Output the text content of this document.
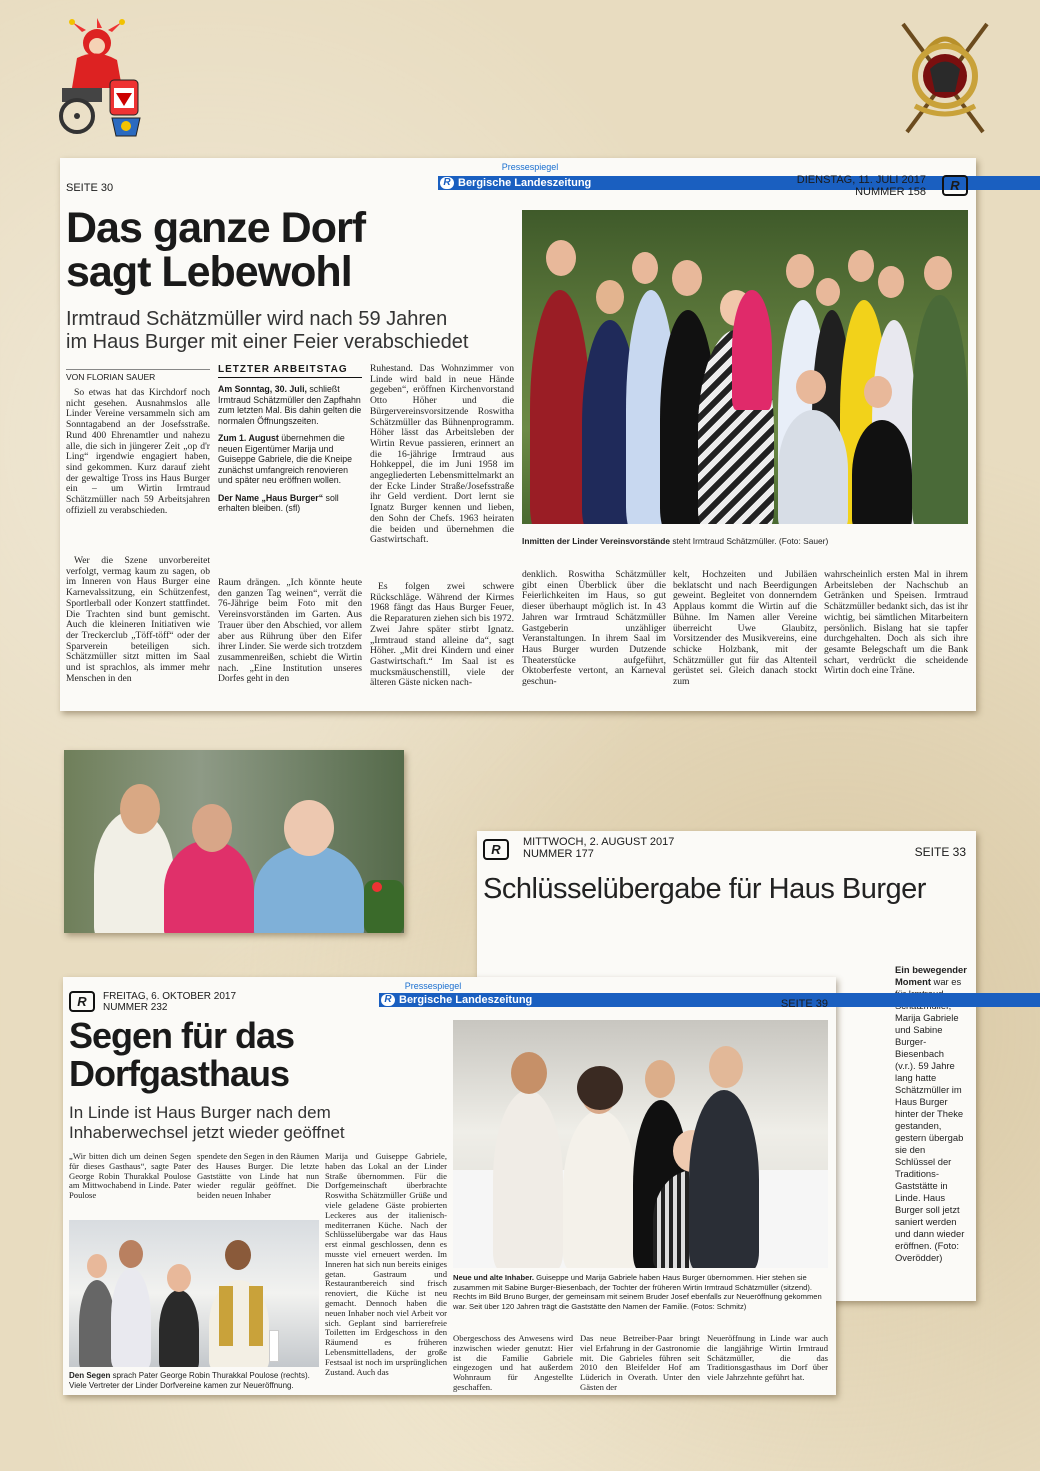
Pressespiegel
R Bergische Landeszeitung
SEITE 30
DIENSTAG, 11. JULI 2017
NUMMER 158	R
Das ganze Dorf
sagt Lebewohl
Irmtraud Schätzmüller wird nach 59 Jahren
im Haus Burger mit einer Feier verabschiedet
VON FLORIAN SAUER
So etwas hat das Kirchdorf noch nicht gesehen. Ausnahmslos alle Linder Vereine versammeln sich am Sonntagabend an der Josefsstraße. Rund 400 Ehrenamtler und nahezu alle, die sich in jüngerer Zeit „op d'r Ling“ irgendwie engagiert haben, sind gekommen. Kurz darauf zieht der gewaltige Tross ins Haus Burger ein – um Wirtin Irmtraud Schätzmüller nach 59 Arbeitsjahren offiziell zu verabschieden.
Wer die Szene unvorbereitet verfolgt, vermag kaum zu sagen, ob im Inneren von Haus Burger eine Karnevalssitzung, ein Schützenfest, Sportlerball oder Konzert stattfindet. Die Trachten sind bunt gemischt. Auch die kleineren Initiativen wie der Treckerclub „Töff-töff“ oder der Sparverein beteiligen sich. Schätzmüller sitzt mitten im Saal und ist sprachlos, als immer mehr Menschen in den
LETZTER ARBEITSTAG
Am Sonntag, 30. Juli, schließt Irmtraud Schätzmüller den Zapfhahn zum letzten Mal. Bis dahin gelten die normalen Öffnungszeiten.
Zum 1. August übernehmen die neuen Eigentümer Marija und Guiseppe Gabriele, die die Kneipe zunächst umfangreich renovieren und später neu eröffnen wollen.
Der Name „Haus Burger“ soll erhalten bleiben. (sfl)
Raum drängen. „Ich könnte heute den ganzen Tag weinen“, verrät die 76-Jährige beim Foto mit den Vereinsvorständen im Garten. Aus Trauer über den Abschied, vor allem aber aus Rührung über den Eifer ihrer Linder. Sie werde sich trotzdem zusammenreißen, schiebt die Wirtin nach. „Eine Institution unseres Dorfes geht in den
Ruhestand. Das Wohnzimmer von Linde wird bald in neue Hände gegeben“, eröffnen Kirchenvorstand Otto Höher und die Bürgervereinsvorsitzende Roswitha Schätzmüller das Bühnenprogramm. Höher lässt das Arbeitsleben der Wirtin Revue passieren, erinnert an die 16-jährige Irmtraud aus Hohkeppel, die im Juni 1958 im angegliederten Lebensmittelmarkt an der Ecke Linder Straße/Josefsstraße ihr Geld verdient. Dort lernt sie Ignatz Burger kennen und lieben, den Sohn der Chefs. 1963 heiraten die beiden und übernehmen die Gastwirtschaft.
Es folgen zwei schwere Rückschläge. Während der Kirmes 1968 fängt das Haus Burger Feuer, die Reparaturen ziehen sich bis 1972. Zwei Jahre später stirbt Ignatz. „Irmtraud stand alleine da“, sagt Höher. „Mit drei Kindern und einer Gastwirtschaft.“ Im Saal ist es mucksmäuschenstill, viele der älteren Gäste nicken nach-
Inmitten der Linder Vereinsvorstände steht Irmtraud Schätzmüller. (Foto: Sauer)
denklich. Roswitha Schätzmüller gibt einen Überblick über die Feierlichkeiten im Haus, so gut dieser überhaupt möglich ist. In 43 Jahren war Irmtraud Schätzmüller Gastgeberin unzähliger Veranstaltungen. In ihrem Saal im Haus Burger wurden Dutzende Theaterstücke aufgeführt, Oktoberfeste vertont, an Karneval geschun-
kelt, Hochzeiten und Jubiläen beklatscht und nach Beerdigungen geweint. Begleitet von donnerndem Applaus kommt die Wirtin auf die Bühne. Im Namen aller Vereine überreicht Uwe Glaubitz, Vorsitzender des Musikvereins, eine schicke Holzbank, mit der Schätzmüller gut für das Altenteil gerüstet sei. Gleich danach stockt zum
wahrscheinlich ersten Mal in ihrem Arbeitsleben der Nachschub an Getränken und Speisen. Irmtraud Schätzmüller bedankt sich, das ist ihr wichtig, bei sämtlichen Mitarbeitern persönlich. Bislang hat sie tapfer durchgehalten. Doch als sich ihre gesamte Belegschaft um die Bank schart, verdrückt die scheidende Wirtin doch eine Träne.
R	MITTWOCH, 2. AUGUST 2017
NUMMER 177	SEITE 33
Schlüsselübergabe für Haus Burger
Ein bewegender Moment war es Marija Gabriele und Sabine Burger-Biesenbach (v.r.). 59 Jahre lang hatte Schätzmüller im Haus Burger hinter der Theke gestanden, gestern übergab sie den Schlüssel der Traditions-Gaststätte in Linde. Haus Burger soll jetzt saniert werden und dann wieder eröffnen. (Foto: Overödder)
Pressespiegel
R Bergische Landeszeitung
R	FREITAG, 6. OKTOBER 2017
NUMMER 232	SEITE 39
Segen für das
Dorfgasthaus
In Linde ist Haus Burger nach dem
Inhaberwechsel jetzt wieder geöffnet
„Wir bitten dich um deinen Segen für dieses Gasthaus“, sagte Pater George Robin Thurakkal Poulose am Mittwochabend in Linde. Pater Poulose
spendete den Segen in den Räumen des Hauses Burger. Die letzte Gaststätte von Linde hat nun wieder regulär geöffnet. Die beiden neuen Inhaber
Marija und Guiseppe Gabriele, haben das Lokal an der Linder Straße übernommen. Für die Dorfgemeinschaft überbrachte Roswitha Schätzmüller Grüße und viele geladene Gäste probierten Leckeres aus der italienisch-mediterranen Küche. Nach der Schlüsselübergabe war das Haus erst einmal geschlossen, denn es musste viel erneuert werden. Im Inneren hat sich nun bereits einiges getan. Gastraum und Restaurantbereich sind frisch renoviert, die Küche ist neu gemacht. Dennoch haben die neuen Inhaber noch viel Arbeit vor sich. Geplant sind barrierefreie Toiletten im Erdgeschoss in den Räumend es früheren Lebensmittelladens, der große Festsaal ist noch im ursprünglichen Zustand. Auch das
Den Segen sprach Pater George Robin Thurakkal Poulose (rechts). Viele Vertreter der Linder Dorfvereine kamen zur Neueröffnung.
Neue und alte Inhaber. Guiseppe und Marija Gabriele haben Haus Burger übernommen. Hier stehen sie zusammen mit Sabine Burger-Biesenbach, der Tochter der früheren Wirtin Irmtraud Schätzmüller (sitzend). Rechts im Bild Bruno Burger, der gemeinsam mit seinem Bruder Josef ebenfalls zur Neueröffnung gekommen war. Seit über 120 Jahren trägt die Gaststätte den Namen der Familie. (Fotos: Schmitz)
Obergeschoss des Anwesens wird inzwischen wieder genutzt: Hier ist die Familie Gabriele eingezogen und hat außerdem Wohnraum für Angestellte geschaffen.
Das neue Betreiber-Paar bringt viel Erfahrung in der Gastronomie mit. Die Gabrieles führen seit 2010 den Bleifelder Hof am Lüderich in Overath. Unter den Gästen der
Neueröffnung in Linde war auch die langjährige Wirtin Irmtraud Schätzmüller, die das Traditionsgasthaus im Dorf über viele Jahrzehnte geführt hat.
